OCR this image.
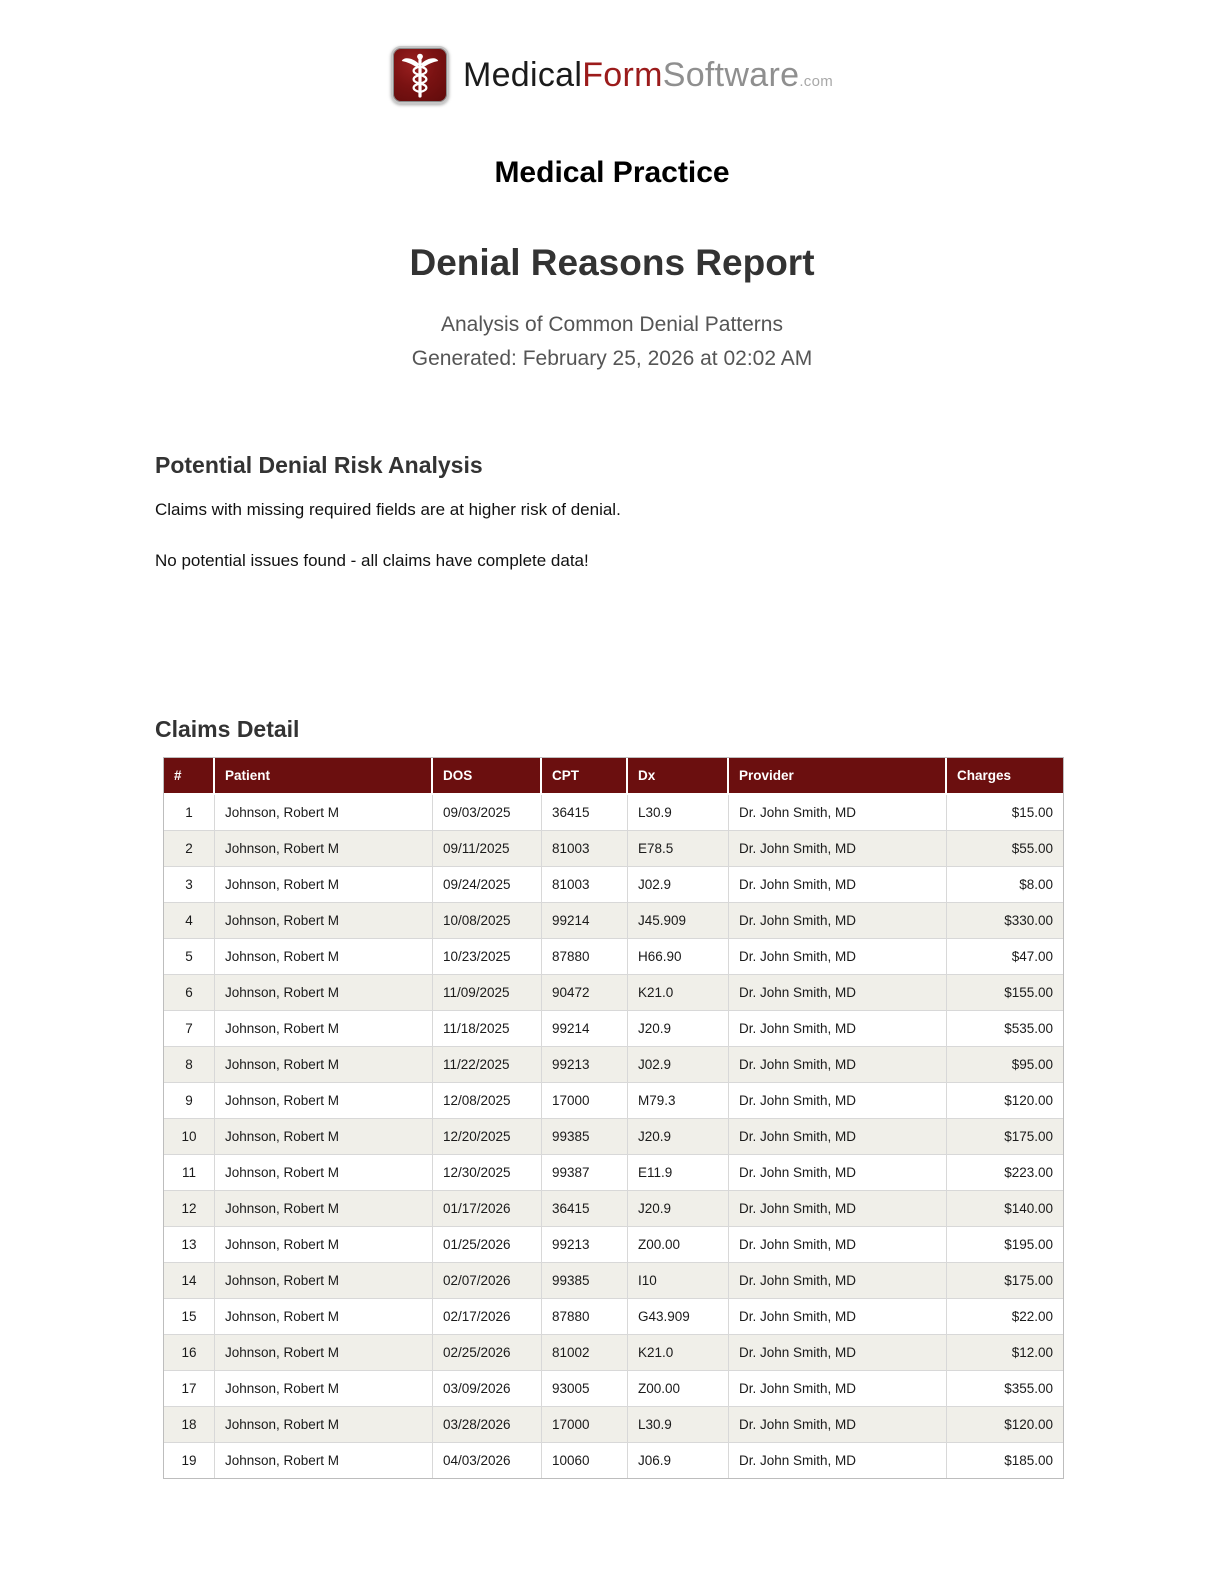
MedicalFormSoftware.com
Medical Practice
Denial Reasons Report
Analysis of Common Denial Patterns
Generated: February 25, 2026 at 02:02 AM
Potential Denial Risk Analysis

Claims with missing required fields are at higher risk of denial.

No potential issues found - all claims have complete data!

Claims Detail
#	Patient	DOS	CPT	Dx	Provider	Charges
1	Johnson, Robert M	09/03/2025	36415	L30.9	Dr. John Smith, MD	$15.00
2	Johnson, Robert M	09/11/2025	81003	E78.5	Dr. John Smith, MD	$55.00
3	Johnson, Robert M	09/24/2025	81003	J02.9	Dr. John Smith, MD	$8.00
4	Johnson, Robert M	10/08/2025	99214	J45.909	Dr. John Smith, MD	$330.00
5	Johnson, Robert M	10/23/2025	87880	H66.90	Dr. John Smith, MD	$47.00
6	Johnson, Robert M	11/09/2025	90472	K21.0	Dr. John Smith, MD	$155.00
7	Johnson, Robert M	11/18/2025	99214	J20.9	Dr. John Smith, MD	$535.00
8	Johnson, Robert M	11/22/2025	99213	J02.9	Dr. John Smith, MD	$95.00
9	Johnson, Robert M	12/08/2025	17000	M79.3	Dr. John Smith, MD	$120.00
10	Johnson, Robert M	12/20/2025	99385	J20.9	Dr. John Smith, MD	$175.00
11	Johnson, Robert M	12/30/2025	99387	E11.9	Dr. John Smith, MD	$223.00
12	Johnson, Robert M	01/17/2026	36415	J20.9	Dr. John Smith, MD	$140.00
13	Johnson, Robert M	01/25/2026	99213	Z00.00	Dr. John Smith, MD	$195.00
14	Johnson, Robert M	02/07/2026	99385	I10	Dr. John Smith, MD	$175.00
15	Johnson, Robert M	02/17/2026	87880	G43.909	Dr. John Smith, MD	$22.00
16	Johnson, Robert M	02/25/2026	81002	K21.0	Dr. John Smith, MD	$12.00
17	Johnson, Robert M	03/09/2026	93005	Z00.00	Dr. John Smith, MD	$355.00
18	Johnson, Robert M	03/28/2026	17000	L30.9	Dr. John Smith, MD	$120.00
19	Johnson, Robert M	04/03/2026	10060	J06.9	Dr. John Smith, MD	$185.00
